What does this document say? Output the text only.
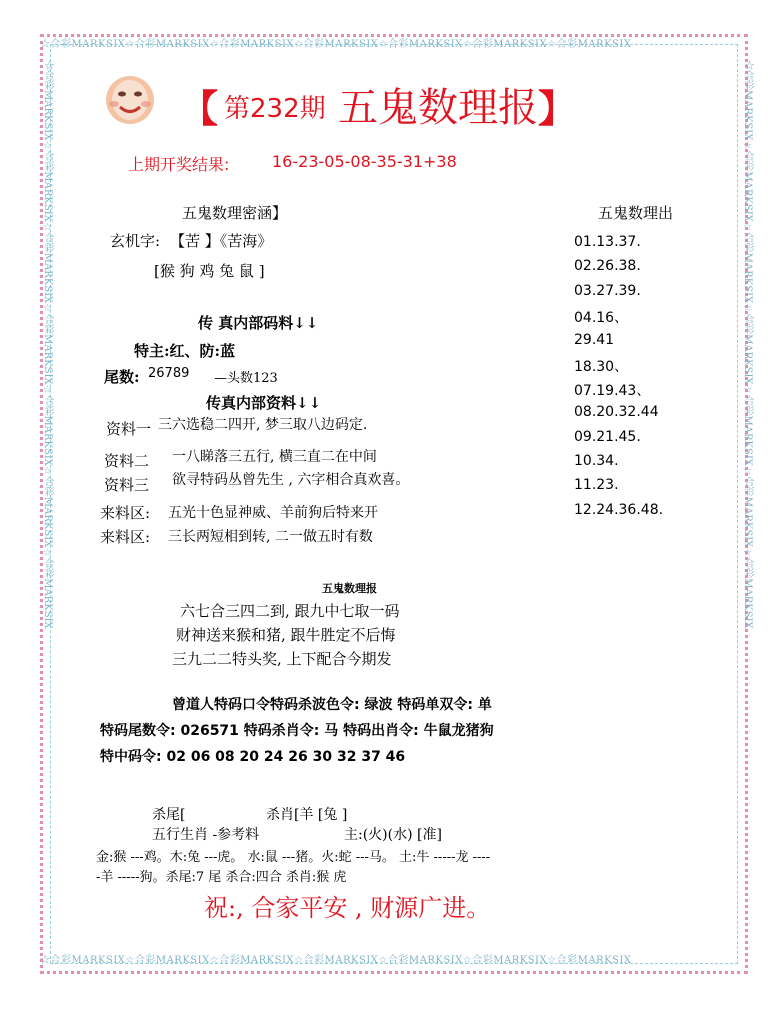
☆合彩MARKSIX☆合彩MARKSIX☆合彩MARKSIX☆合彩MARKSIX☆合彩MARKSIX☆合彩MARKSIX☆合彩MARKSIX
☆合彩MARKSIX☆合彩MARKSIX☆合彩MARKSIX☆合彩MARKSIX☆合彩MARKSIX☆合彩MARKSIX☆合彩MARKSIX
☆合彩MARKSIX☆合彩MARKSIX☆合彩MARKSIX☆合彩MARKSIX☆合彩MARKSIX☆合彩MARKSIX☆合彩MARKSIX	☆合彩MARKSIX☆合彩MARKSIX☆合彩MARKSIX☆合彩MARKSIX☆合彩MARKSIX☆合彩MARKSIX☆合彩MARKSIX
【 第232期 五鬼数理报 】
上期开奖结果:	16-23-05-08-35-31+38
五鬼数理密涵】
玄机字: 【苦 】《苦海》
[猴 狗 鸡 兔 鼠 ]
传 真内部码料↓↓
特主:红、防:蓝
尾数: 26789 —头数123
传真内部资料↓↓
资料一 三六选稳二四开, 梦三取八边码定.
资料二 一八睇落三五行, 横三直二在中间
资料三 欲寻特码丛曾先生 , 六字相合真欢喜。
来料区: 五光十色显神威、羊前狗后特来开
来料区: 三长两短相到转, 二一做五时有数
五鬼数理出
01.13.37.
02.26.38.
03.27.39.
04.16、
29.41
18.30、
07.19.43、
08.20.32.44
09.21.45.
10.34.
11.23.
12.24.36.48.
五鬼数理报
六七合三四二到, 跟九中七取一码
财神送来猴和猪, 跟牛胜定不后悔
三九二二特头奖, 上下配合今期发
曾道人特码口令特码杀波色令: 绿波 特码单双令: 单
特码尾数令: 026571 特码杀肖令: 马 特码出肖令: 牛鼠龙猪狗
特中码令: 02 06 08 20 24 26 30 32 37 46
杀尾[	杀肖[羊 [兔 ]
五行生肖 -参考料	主:(火)(水) [准]
金:猴 ---鸡。木:兔 ---虎。 水:鼠 ---猪。火:蛇 ---马。 土:牛 -----龙 ----
-羊 -----狗。杀尾:7 尾 杀合:四合 杀肖:猴 虎
祝:, 合家平安 , 财源广进。
